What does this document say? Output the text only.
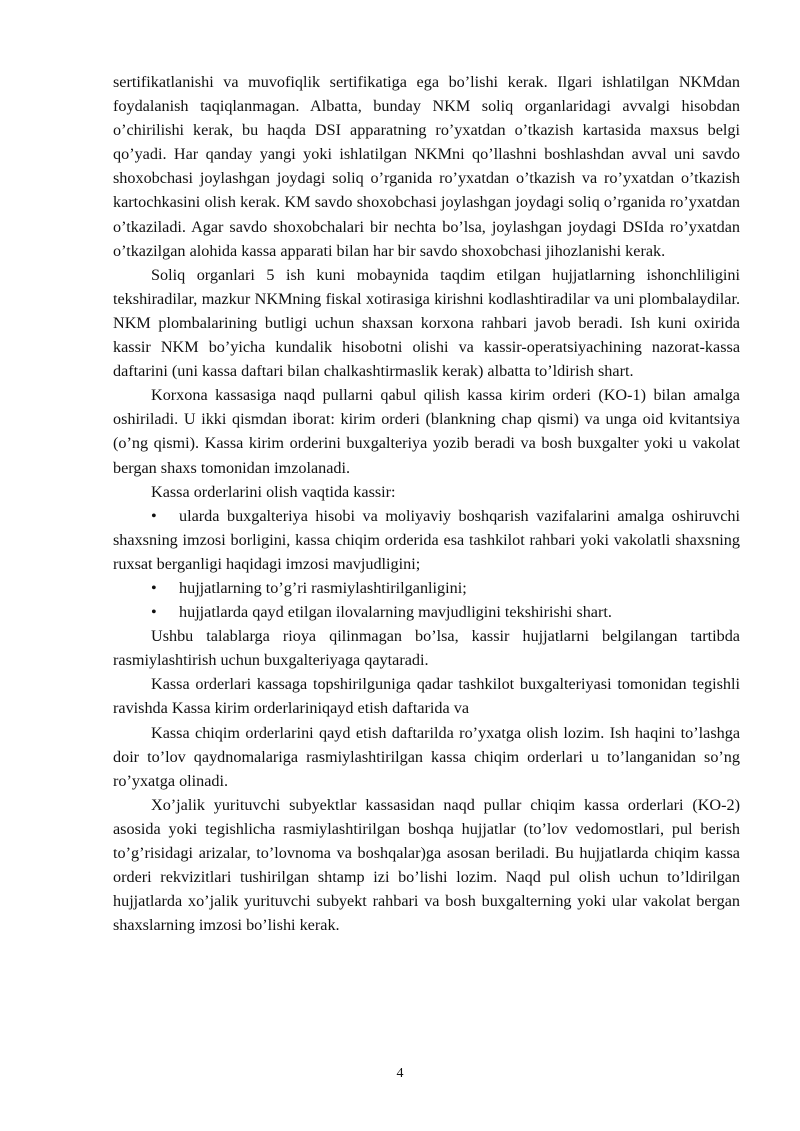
sertifikatlanishi va muvofiqlik sertifikatiga ega bo’lishi kerak. Ilgari ishlatilgan NKMdan foydalanish taqiqlanmagan. Albatta, bunday NKM soliq organlaridagi avvalgi hisobdan o’chirilishi kerak, bu haqda DSI apparatning ro’yxatdan o’tkazish kartasida maxsus belgi qo’yadi. Har qanday yangi yoki ishlatilgan NKMni qo’llashni boshlashdan avval uni savdo shoxobchasi joylashgan joydagi soliq o’rganida ro’yxatdan o’tkazish va ro’yxatdan o’tkazish kartochkasini olish kerak. KM savdo shoxobchasi joylashgan joydagi soliq o’rganida ro’yxatdan o’tkaziladi. Agar savdo shoxobchalari bir nechta bo’lsa, joylashgan joydagi DSIda ro’yxatdan o’tkazilgan alohida kassa apparati bilan har bir savdo shoxobchasi jihozlanishi kerak.

Soliq organlari 5 ish kuni mobaynida taqdim etilgan hujjatlarning ishonchliligini tekshiradilar, mazkur NKMning fiskal xotirasiga kirishni kodlashtiradilar va uni plombalaydilar. NKM plombalarining butligi uchun shaxsan korxona rahbari javob beradi. Ish kuni oxirida kassir NKM bo’yicha kundalik hisobotni olishi va kassir-operatsiyachining nazorat-kassa daftarini (uni kassa daftari bilan chalkashtirmaslik kerak) albatta to’ldirish shart.

Korxona kassasiga naqd pullarni qabul qilish kassa kirim orderi (KO-1) bilan amalga oshiriladi. U ikki qismdan iborat: kirim orderi (blankning chap qismi) va unga oid kvitantsiya (o’ng qismi). Kassa kirim orderini buxgalteriya yozib beradi va bosh buxgalter yoki u vakolat bergan shaxs tomonidan imzolanadi.

Kassa orderlarini olish vaqtida kassir:

• ularda buxgalteriya hisobi va moliyaviy boshqarish vazifalarini amalga oshiruvchi shaxsning imzosi borligini, kassa chiqim orderida esa tashkilot rahbari yoki vakolatli shaxsning ruxsat berganligi haqidagi imzosi mavjudligini;
•	hujjatlarning to’g’ri rasmiylashtirilganligini;
•	hujjatlarda qayd etilgan ilovalarning mavjudligini tekshirishi shart.

Ushbu talablarga rioya qilinmagan bo’lsa, kassir hujjatlarni belgilangan tartibda rasmiylashtirish uchun buxgalteriyaga qaytaradi.

Kassa orderlari kassaga topshirilguniga qadar tashkilot buxgalteriyasi tomonidan tegishli ravishda Kassa kirim orderlariniqayd etish daftarida va

Kassa chiqim orderlarini qayd etish daftarilda ro’yxatga olish lozim. Ish haqini to’lashga doir to’lov qaydnomalariga rasmiylashtirilgan kassa chiqim orderlari u to’langanidan so’ng ro’yxatga olinadi.

Xo’jalik yurituvchi subyektlar kassasidan naqd pullar chiqim kassa orderlari (KO-2) asosida yoki tegishlicha rasmiylashtirilgan boshqa hujjatlar (to’lov vedomostlari, pul berish to’g’risidagi arizalar, to’lovnoma va boshqalar)ga asosan beriladi. Bu hujjatlarda chiqim kassa orderi rekvizitlari tushirilgan shtamp izi bo’lishi lozim. Naqd pul olish uchun to’ldirilgan hujjatlarda xo’jalik yurituvchi subyekt rahbari va bosh buxgalterning yoki ular vakolat bergan shaxslarning imzosi bo’lishi kerak.

4
